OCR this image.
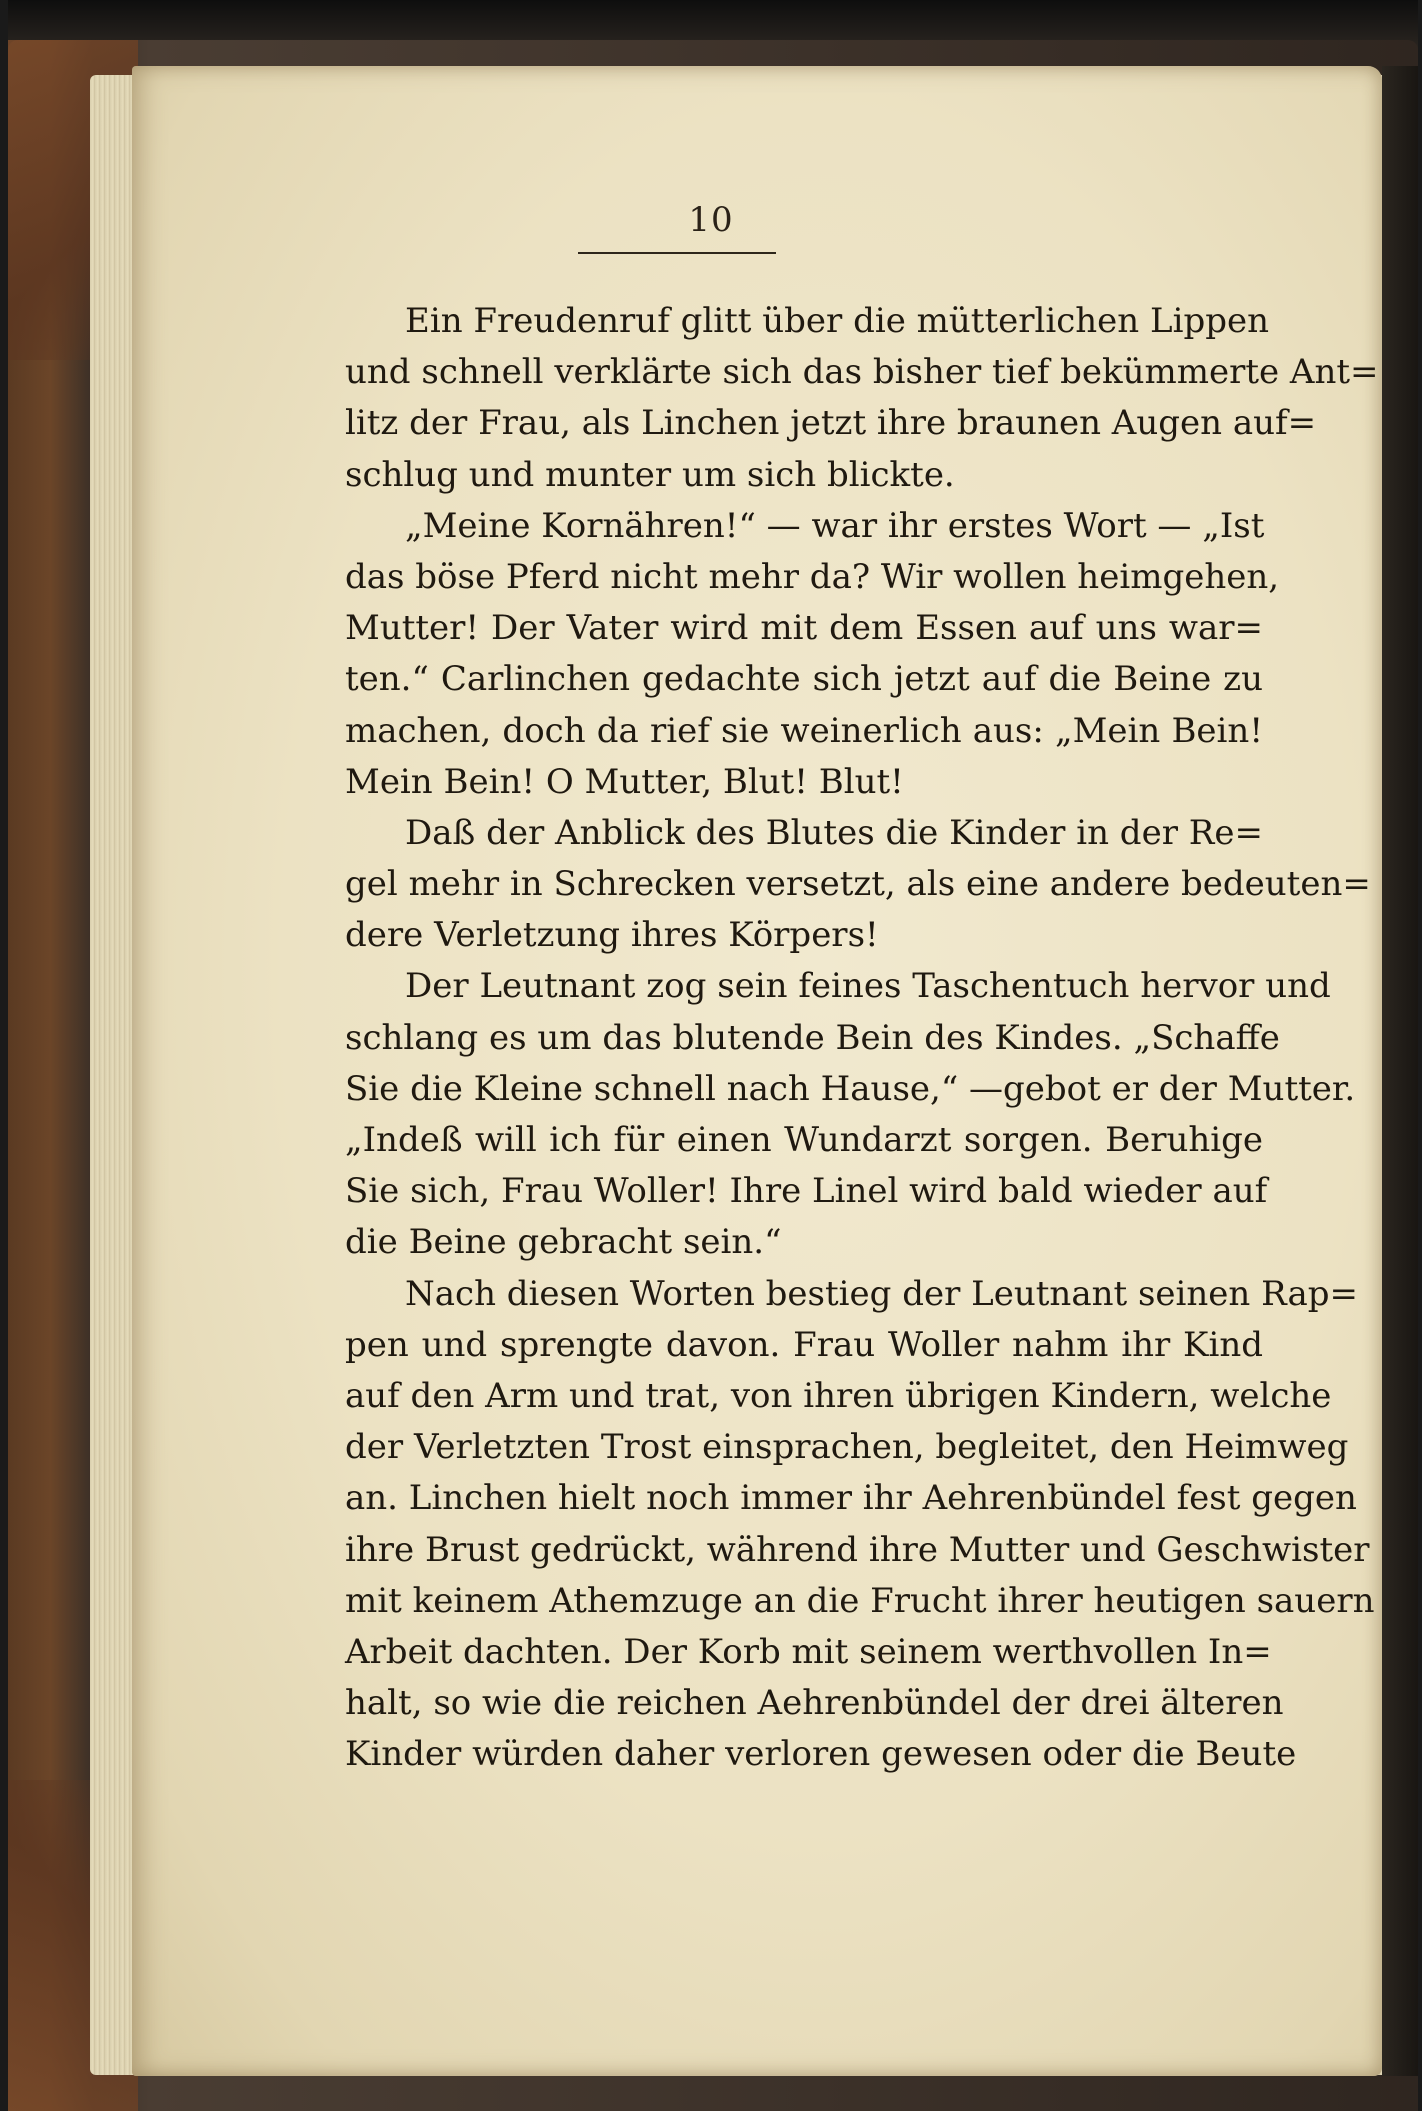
10
Ein Freudenruf glitt über die mütterlichen Lippen
und schnell verklärte sich das bisher tief bekümmerte Ant=
litz der Frau, als Linchen jetzt ihre braunen Augen auf=
schlug und munter um sich blickte.
„Meine Kornähren!“ — war ihr erstes Wort — „Ist
das böse Pferd nicht mehr da? Wir wollen heimgehen,
Mutter! Der Vater wird mit dem Essen auf uns war=
ten.“ Carlinchen gedachte sich jetzt auf die Beine zu
machen, doch da rief sie weinerlich aus: „Mein Bein!
Mein Bein! O Mutter, Blut! Blut!
Daß der Anblick des Blutes die Kinder in der Re=
gel mehr in Schrecken versetzt, als eine andere bedeuten=
dere Verletzung ihres Körpers!
Der Leutnant zog sein feines Taschentuch hervor und
schlang es um das blutende Bein des Kindes. „Schaffe
Sie die Kleine schnell nach Hause,“ —gebot er der Mutter.
„Indeß will ich für einen Wundarzt sorgen. Beruhige
Sie sich, Frau Woller! Ihre Linel wird bald wieder auf
die Beine gebracht sein.“
Nach diesen Worten bestieg der Leutnant seinen Rap=
pen und sprengte davon. Frau Woller nahm ihr Kind
auf den Arm und trat, von ihren übrigen Kindern, welche
der Verletzten Trost einsprachen, begleitet, den Heimweg
an. Linchen hielt noch immer ihr Aehrenbündel fest gegen
ihre Brust gedrückt, während ihre Mutter und Geschwister
mit keinem Athemzuge an die Frucht ihrer heutigen sauern
Arbeit dachten. Der Korb mit seinem werthvollen In=
halt, so wie die reichen Aehrenbündel der drei älteren
Kinder würden daher verloren gewesen oder die Beute
